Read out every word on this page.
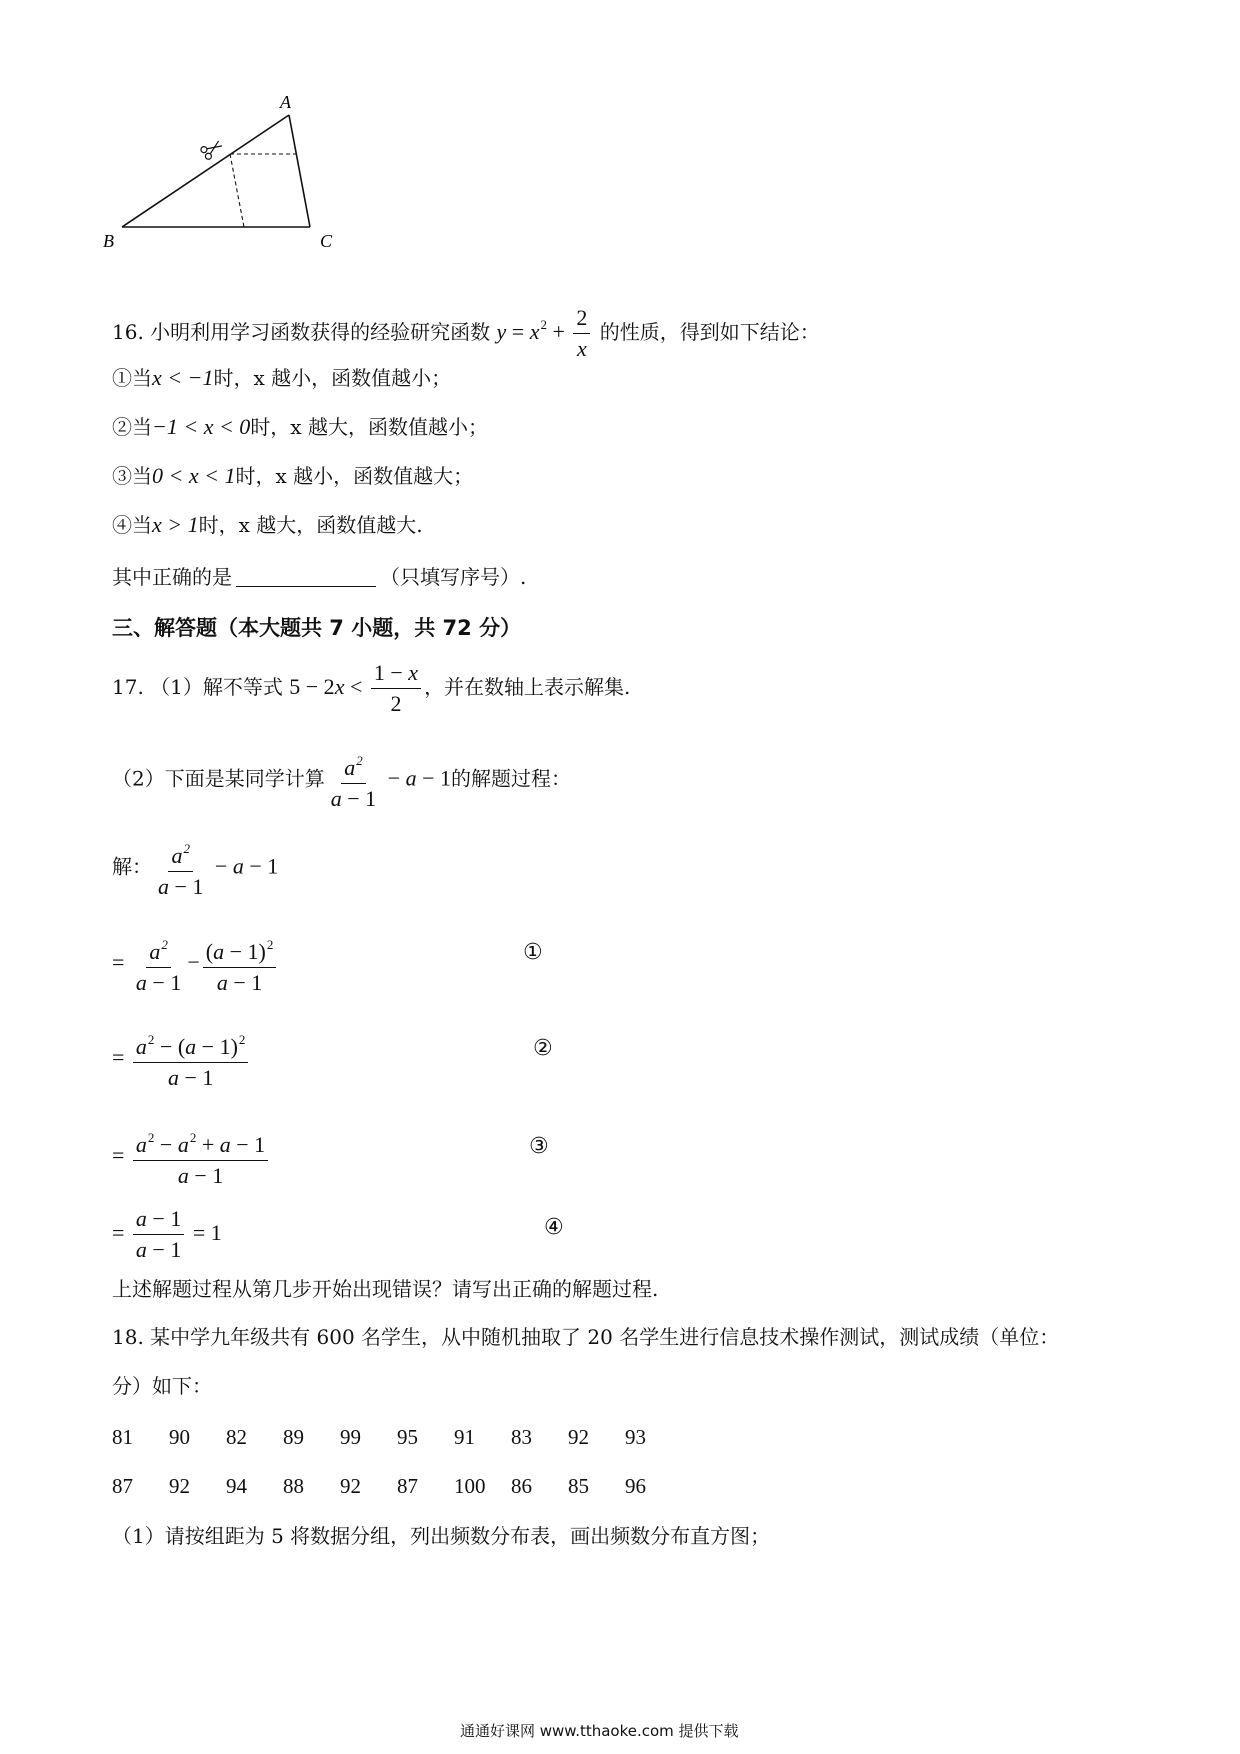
A
B	C
16. 小明利用学习函数获得的经验研究函数 $y = x^2 + \frac{2}{x}$ 的性质，得到如下结论：
①当x < −1时，x 越小，函数值越小；
②当−1 < x < 0时，x 越大，函数值越小；
③当0 < x < 1时，x 越小，函数值越大；
④当x > 1时，x 越大，函数值越大.
其中正确的是	（只填写序号）.
三、解答题（本大题共 7 小题，共 72 分）
17. （1）解不等式 $5 - 2x < \frac{1 - x}{2}$ ，并在数轴上表示解集.
（2）下面是某同学计算 $\frac{a^2}{a - 1} - a - 1$的解题过程：
解： $\frac{a^2}{a - 1} - a - 1$
= $\frac{a^2}{a - 1} - \frac{(a - 1)^2}{a - 1}$	①
= $\frac{a^2 - (a - 1)^2}{a - 1}$	②
= $\frac{a^2 - a^2 + a - 1}{a - 1}$	③
= $\frac{a - 1}{a - 1} = 1$	④
上述解题过程从第几步开始出现错误？请写出正确的解题过程.
18. 某中学九年级共有 600 名学生，从中随机抽取了 20 名学生进行信息技术操作测试，测试成绩（单位：
分）如下：
81 90 82 89 99 95 91 83 92 93
87 92 94 88 92 87 100 86 85 96
（1）请按组距为 5 将数据分组，列出频数分布表，画出频数分布直方图；
通通好课网 www.tthaoke.com 提供下载
